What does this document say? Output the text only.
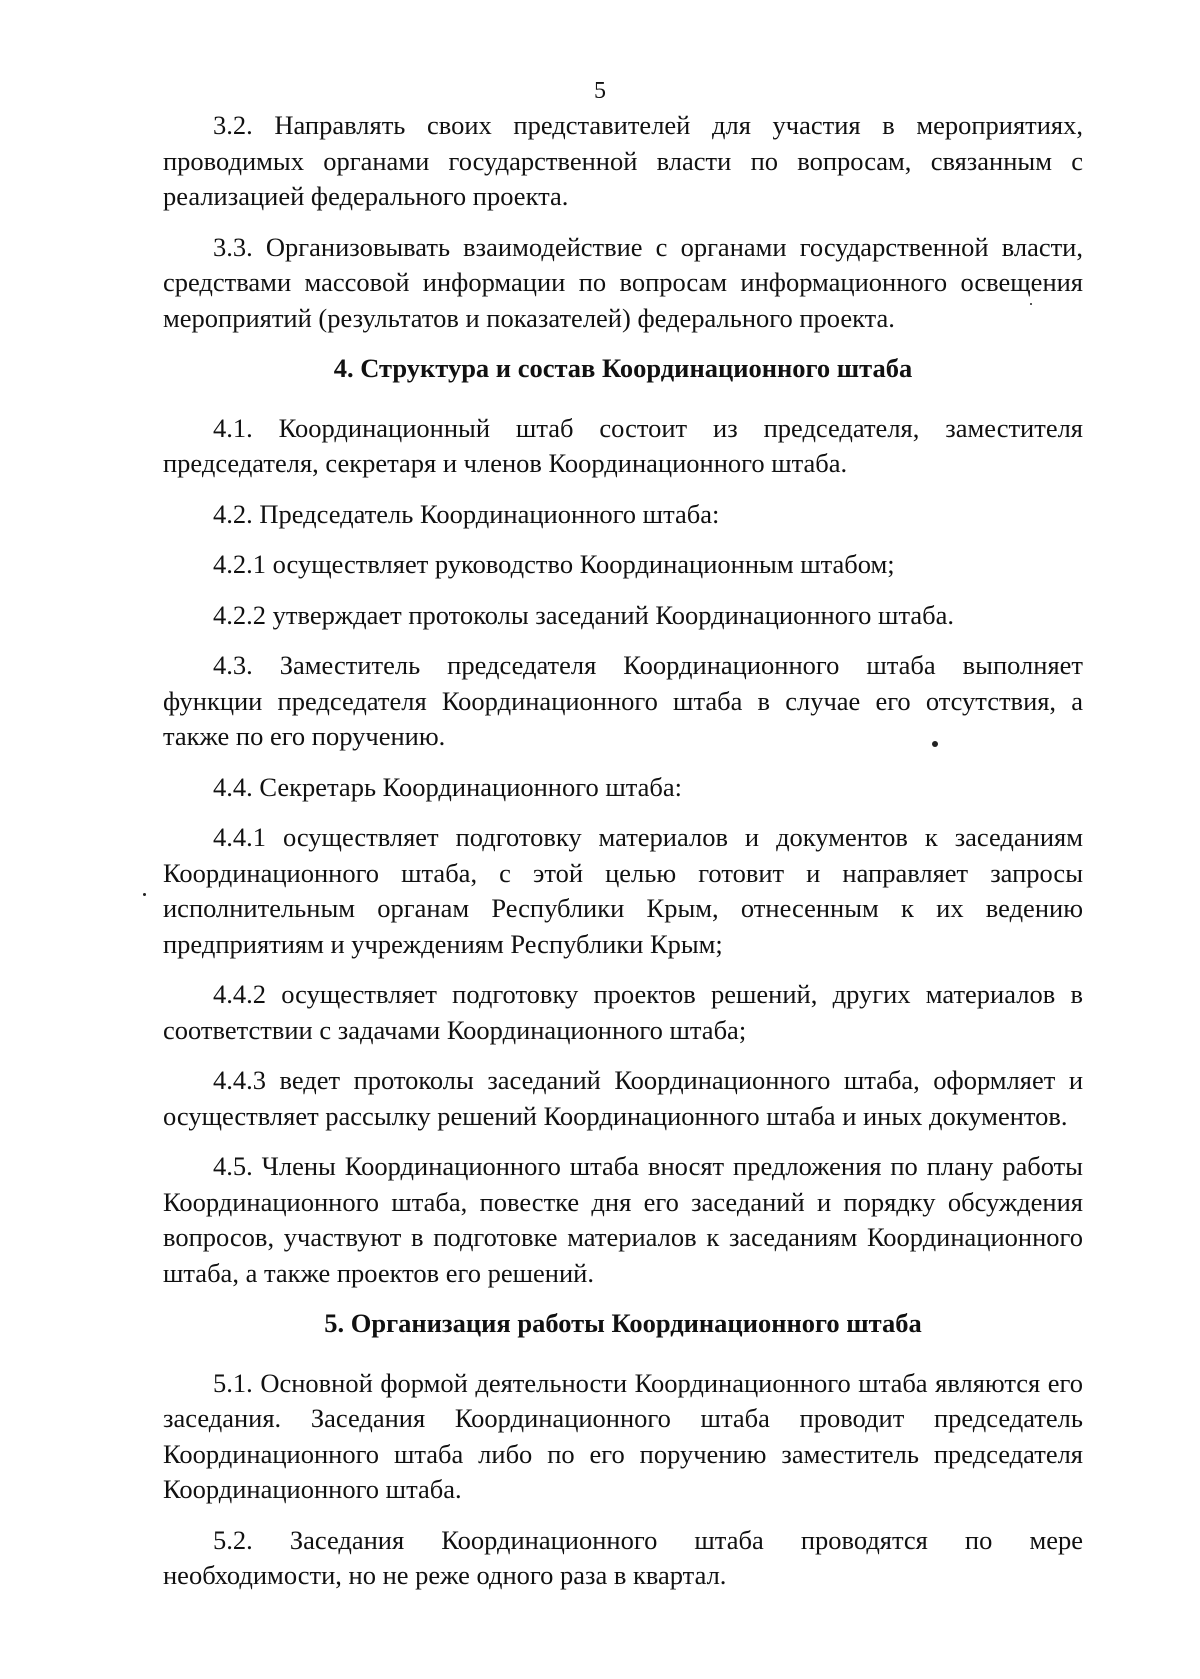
5

3.2. Направлять своих представителей для участия в мероприятиях, проводимых органами государственной власти по вопросам, связанным с реализацией федерального проекта.

3.3. Организовывать взаимодействие с органами государственной власти, средствами массовой информации по вопросам информационного освещения мероприятий (результатов и показателей) федерального проекта.

4. Структура и состав Координационного штаба

4.1. Координационный штаб состоит из председателя, заместителя председателя, секретаря и членов Координационного штаба.

4.2. Председатель Координационного штаба:

4.2.1 осуществляет руководство Координационным штабом;

4.2.2 утверждает протоколы заседаний Координационного штаба.

4.3. Заместитель председателя Координационного штаба выполняет функции председателя Координационного штаба в случае его отсутствия, а также по его поручению.

4.4. Секретарь Координационного штаба:

4.4.1 осуществляет подготовку материалов и документов к заседаниям Координационного штаба, с этой целью готовит и направляет запросы исполнительным органам Республики Крым, отнесенным к их ведению предприятиям и учреждениям Республики Крым;

4.4.2 осуществляет подготовку проектов решений, других материалов в соответствии с задачами Координационного штаба;

4.4.3 ведет протоколы заседаний Координационного штаба, оформляет и осуществляет рассылку решений Координационного штаба и иных документов.

4.5. Члены Координационного штаба вносят предложения по плану работы Координационного штаба, повестке дня его заседаний и порядку обсуждения вопросов, участвуют в подготовке материалов к заседаниям Координационного штаба, а также проектов его решений.

5. Организация работы Координационного штаба

5.1. Основной формой деятельности Координационного штаба являются его заседания. Заседания Координационного штаба проводит председатель Координационного штаба либо по его поручению заместитель председателя Координационного штаба.

5.2. Заседания Координационного штаба проводятся по мере необходимости, но не реже одного раза в квартал.
